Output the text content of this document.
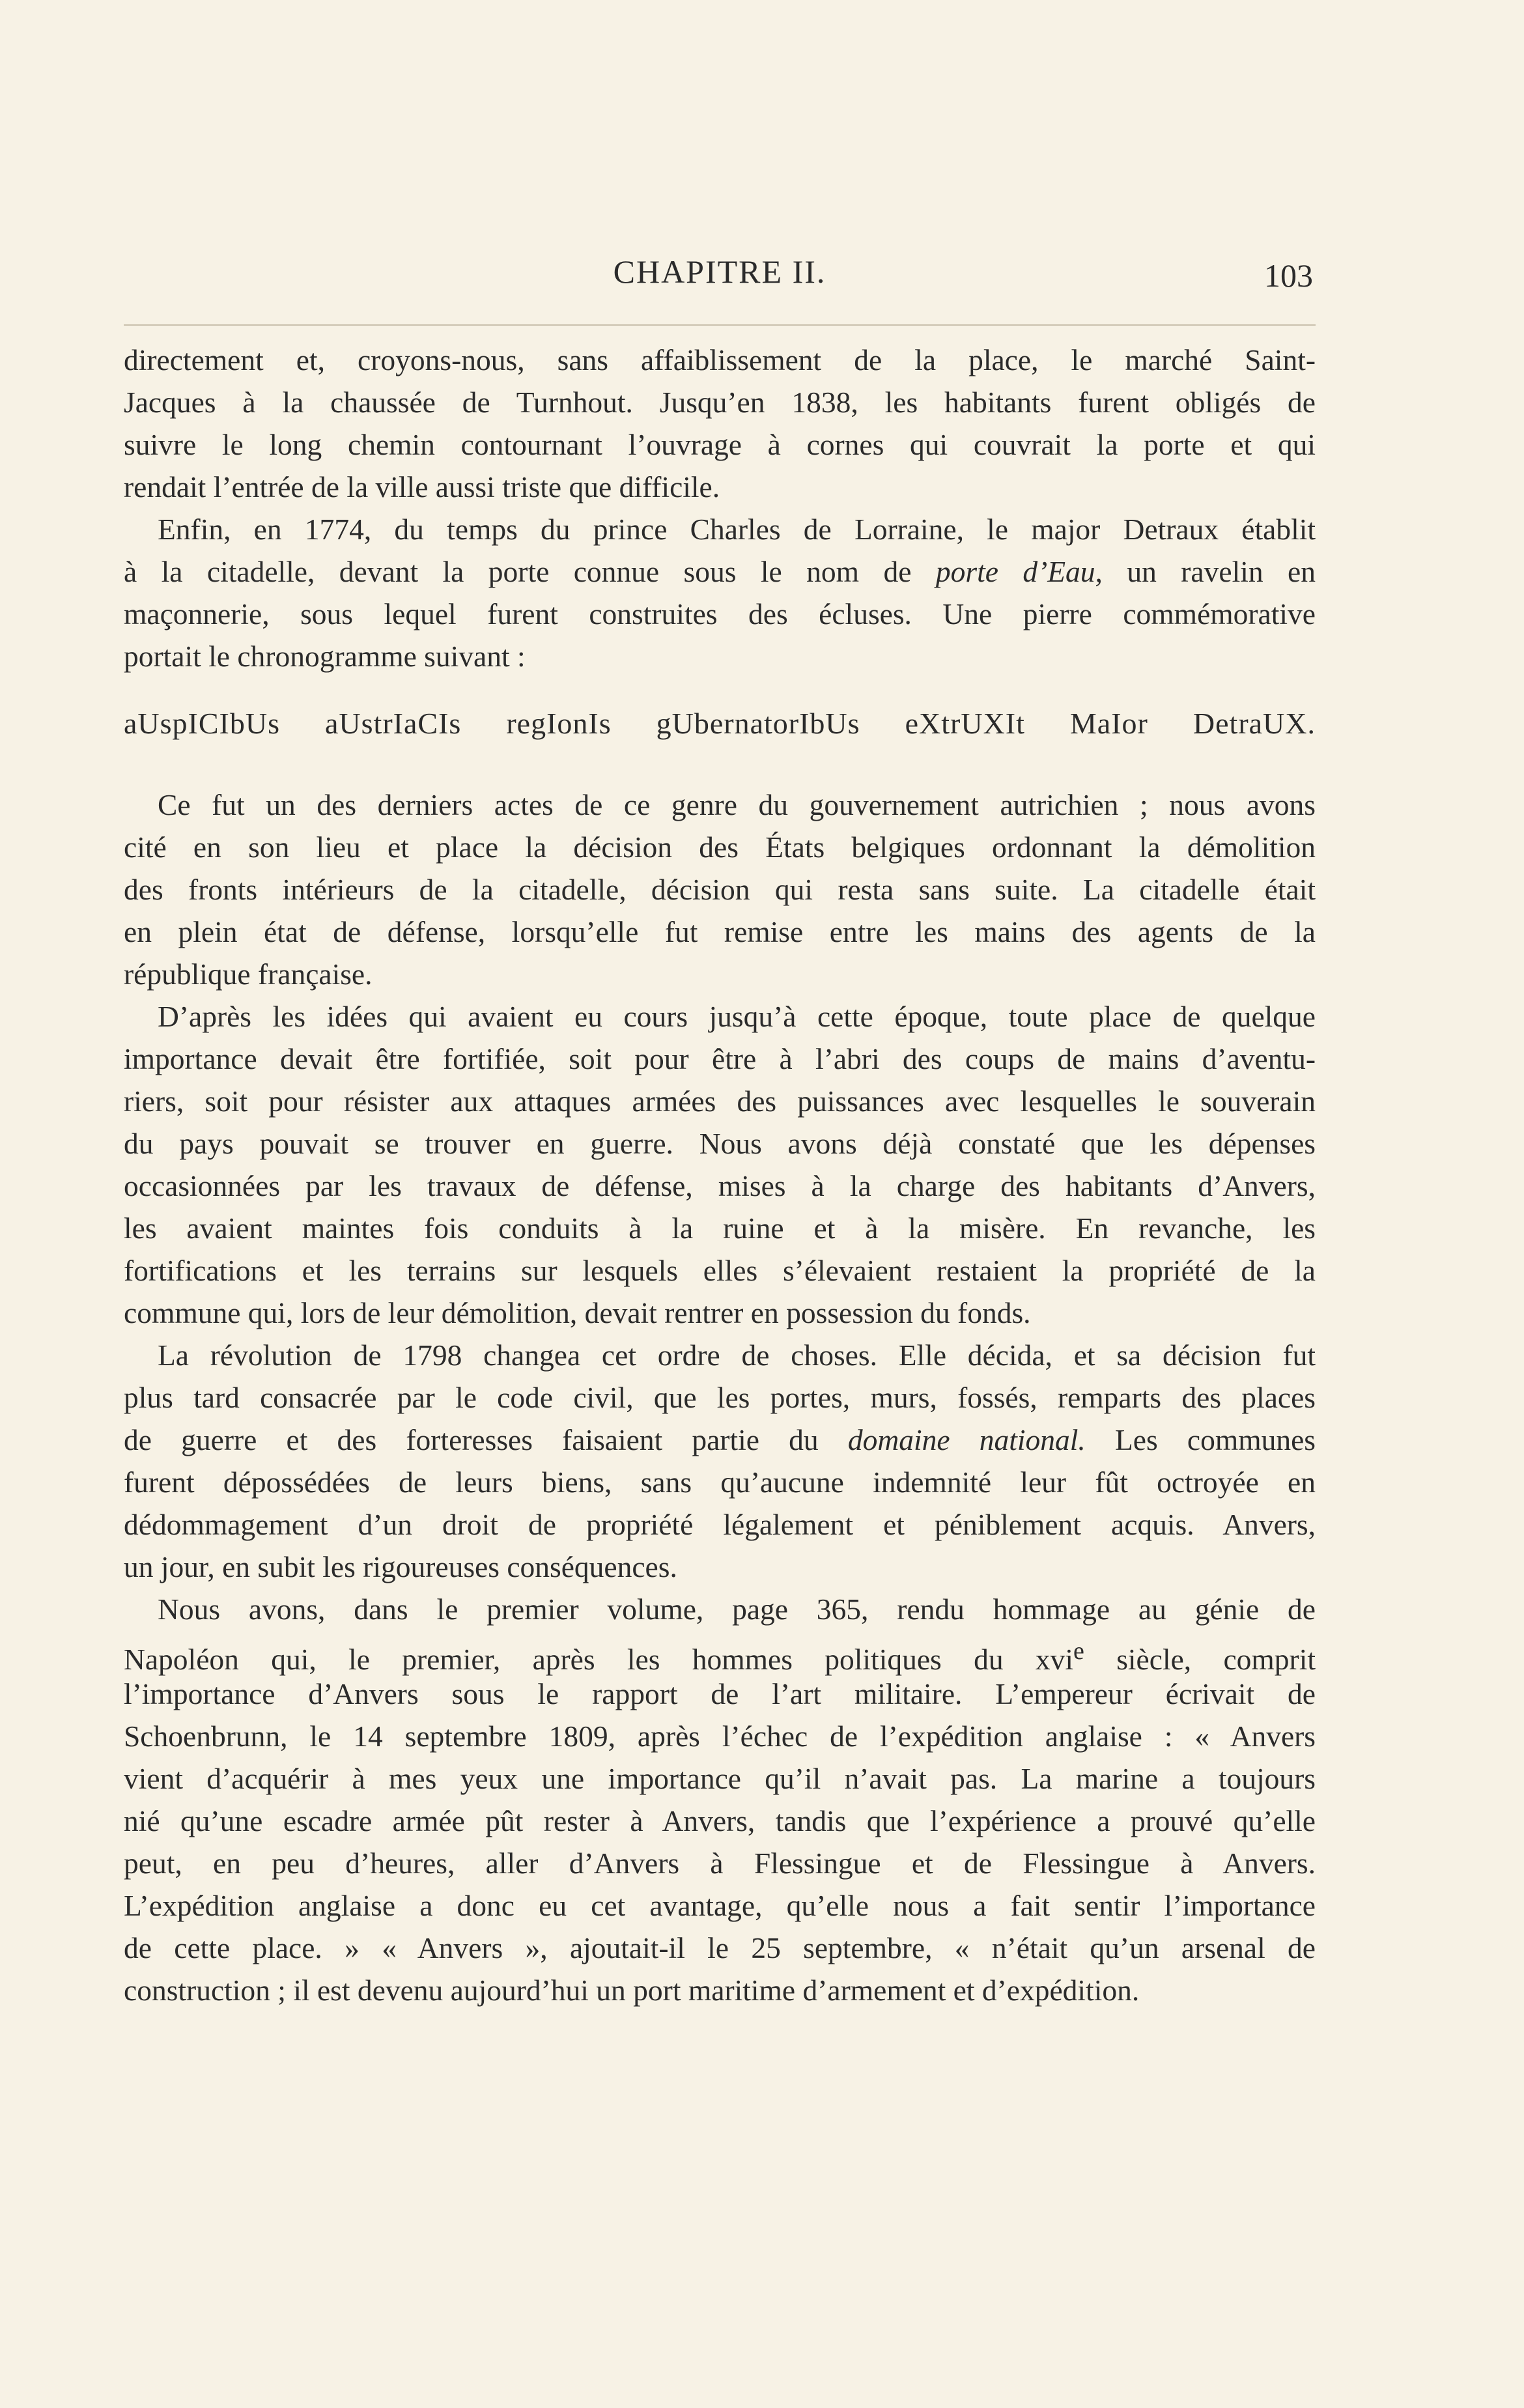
CHAPITRE II.	103
directement et, croyons-nous, sans affaiblissement de la place, le marché Saint-
Jacques à la chaussée de Turnhout. Jusqu’en 1838, les habitants furent obligés de
suivre le long chemin contournant l’ouvrage à cornes qui couvrait la porte et qui
rendait l’entrée de la ville aussi triste que difficile.
Enfin, en 1774, du temps du prince Charles de Lorraine, le major Detraux établit
à la citadelle, devant la porte connue sous le nom de porte d’Eau, un ravelin en
maçonnerie, sous lequel furent construites des écluses. Une pierre commémorative
portait le chronogramme suivant :
aUspICIbUs aUstrIaCIs regIonIs gUbernatorIbUs eXtrUXIt MaIor DetraUX.
Ce fut un des derniers actes de ce genre du gouvernement autrichien ; nous avons
cité en son lieu et place la décision des États belgiques ordonnant la démolition
des fronts intérieurs de la citadelle, décision qui resta sans suite. La citadelle était
en plein état de défense, lorsqu’elle fut remise entre les mains des agents de la
république française.
D’après les idées qui avaient eu cours jusqu’à cette époque, toute place de quelque
importance devait être fortifiée, soit pour être à l’abri des coups de mains d’aventu-
riers, soit pour résister aux attaques armées des puissances avec lesquelles le souverain
du pays pouvait se trouver en guerre. Nous avons déjà constaté que les dépenses
occasionnées par les travaux de défense, mises à la charge des habitants d’Anvers,
les avaient maintes fois conduits à la ruine et à la misère. En revanche, les
fortifications et les terrains sur lesquels elles s’élevaient restaient la propriété de la
commune qui, lors de leur démolition, devait rentrer en possession du fonds.
La révolution de 1798 changea cet ordre de choses. Elle décida, et sa décision fut
plus tard consacrée par le code civil, que les portes, murs, fossés, remparts des places
de guerre et des forteresses faisaient partie du domaine national. Les communes
furent dépossédées de leurs biens, sans qu’aucune indemnité leur fût octroyée en
dédommagement d’un droit de propriété légalement et péniblement acquis. Anvers,
un jour, en subit les rigoureuses conséquences.
Nous avons, dans le premier volume, page 365, rendu hommage au génie de
Napoléon qui, le premier, après les hommes politiques du xvi$^e$ siècle, comprit
l’importance d’Anvers sous le rapport de l’art militaire. L’empereur écrivait de
Schoenbrunn, le 14 septembre 1809, après l’échec de l’expédition anglaise : « Anvers
vient d’acquérir à mes yeux une importance qu’il n’avait pas. La marine a toujours
nié qu’une escadre armée pût rester à Anvers, tandis que l’expérience a prouvé qu’elle
peut, en peu d’heures, aller d’Anvers à Flessingue et de Flessingue à Anvers.
L’expédition anglaise a donc eu cet avantage, qu’elle nous a fait sentir l’importance
de cette place. » « Anvers », ajoutait-il le 25 septembre, « n’était qu’un arsenal de
construction ; il est devenu aujourd’hui un port maritime d’armement et d’expédition.
